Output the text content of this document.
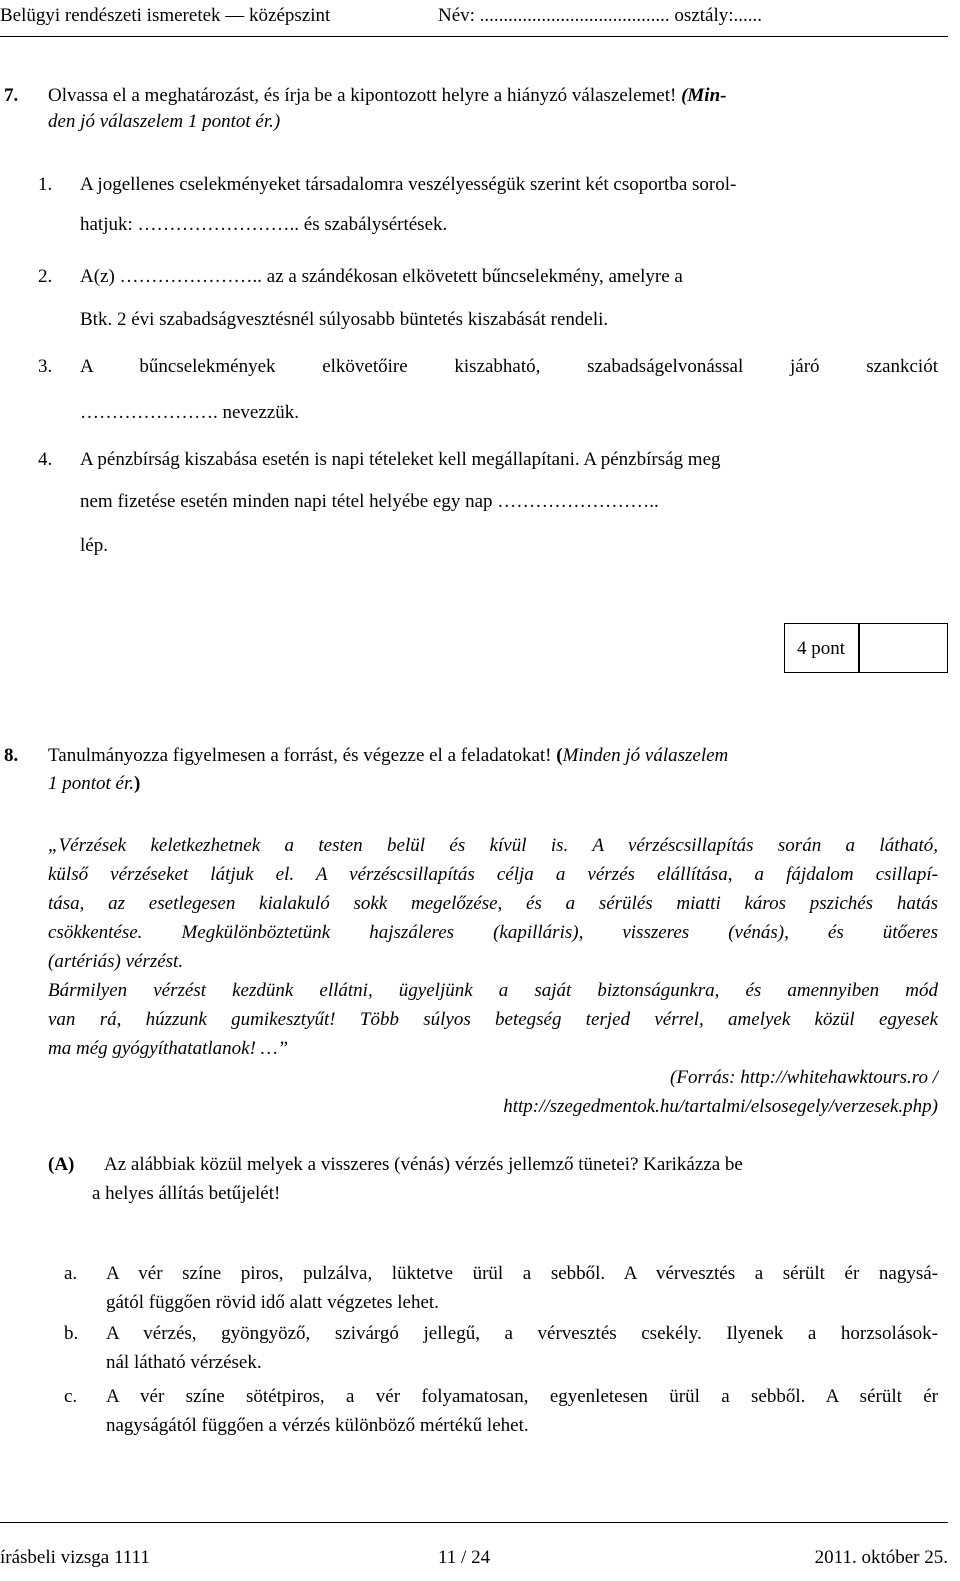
Belügyi rendészeti ismeretek — középszint	Név: ........................................ osztály:......
7. Olvassa el a meghatározást, és írja be a kipontozott helyre a hiányzó válaszelemet! (Min-
den jó válaszelem 1 pontot ér.)
1. A jogellenes cselekményeket társadalomra veszélyességük szerint két csoportba sorol-
hatjuk: …………………….. és szabálysértések.
2. A(z) ………………….. az a szándékosan elkövetett bűncselekmény, amelyre a
Btk. 2 évi szabadságvesztésnél súlyosabb büntetés kiszabását rendeli.
3. A bűncselekmények elkövetőire kiszabható, szabadságelvonással járó szankciót
…………………. nevezzük.
4. A pénzbírság kiszabása esetén is napi tételeket kell megállapítani. A pénzbírság meg
nem fizetése esetén minden napi tétel helyébe egy nap ……………………..
lép.
4 pont
8. Tanulmányozza figyelmesen a forrást, és végezze el a feladatokat! (Minden jó válaszelem
1 pontot ér.)
„Vérzések keletkezhetnek a testen belül és kívül is. A vérzéscsillapítás során a látható,
külső vérzéseket látjuk el. A vérzéscsillapítás célja a vérzés elállítása, a fájdalom csillapí-
tása, az esetlegesen kialakuló sokk megelőzése, és a sérülés miatti káros pszichés hatás
csökkentése. Megkülönböztetünk hajszáleres (kapilláris), visszeres (vénás), és ütőeres
(artériás) vérzést.
Bármilyen vérzést kezdünk ellátni, ügyeljünk a saját biztonságunkra, és amennyiben mód
van rá, húzzunk gumikesztyűt! Több súlyos betegség terjed vérrel, amelyek közül egyesek
ma még gyógyíthatatlanok! …”
(Forrás: http://whitehawktours.ro /
http://szegedmentok.hu/tartalmi/elsosegely/verzesek.php)
(A) Az alábbiak közül melyek a visszeres (vénás) vérzés jellemző tünetei? Karikázza be
a helyes állítás betűjelét!
a. A vér színe piros, pulzálva, lüktetve ürül a sebből. A vérvesztés a sérült ér nagysá-
gától függően rövid idő alatt végzetes lehet.
b. A vérzés, gyöngyöző, szivárgó jellegű, a vérvesztés csekély. Ilyenek a horzsolások-
nál látható vérzések.
c. A vér színe sötétpiros, a vér folyamatosan, egyenletesen ürül a sebből. A sérült ér
nagyságától függően a vérzés különböző mértékű lehet.
írásbeli vizsga 1111	11 / 24	2011. október 25.
